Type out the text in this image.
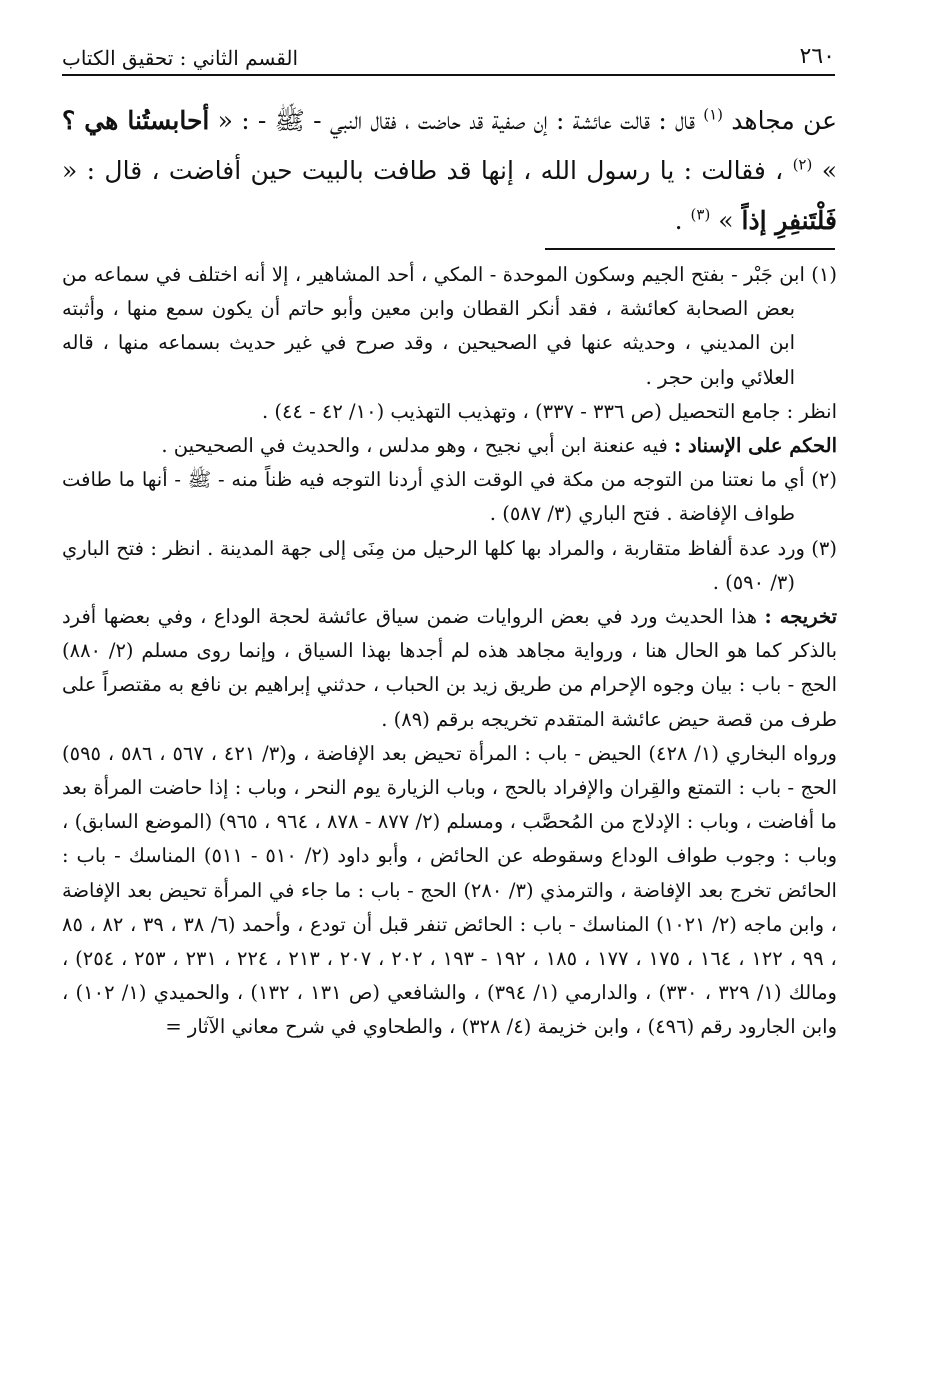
٢٦٠
القسم الثاني : تحقيق الكتاب

عن مجاهد $^{(١)}$ قال : قالت عائشة : إن صفية قد حاضت ، فقال النبي - ﷺ - : « أحابستُنا هي ؟ » $^{(٢)}$ ، فقالت : يا رسول الله ، إنها قد طافت بالبيت حين أفاضت ، قال : « فَلْتَنفِرِ إذاً » $^{(٣)}$ .

(١) ابن جَبْر - بفتح الجيم وسكون الموحدة - المكي ، أحد المشاهير ، إلا أنه اختلف في سماعه من بعض الصحابة كعائشة ، فقد أنكر القطان وابن معين وأبو حاتم أن يكون سمع منها ، وأثبته ابن المديني ، وحديثه عنها في الصحيحين ، وقد صرح في غير حديث بسماعه منها ، قاله العلائي وابن حجر .

انظر : جامع التحصيل (ص ٣٣٦ - ٣٣٧) ، وتهذيب التهذيب (١٠/ ٤٢ - ٤٤) .

الحكم على الإسناد : فيه عنعنة ابن أبي نجيح ، وهو مدلس ، والحديث في الصحيحين .

(٢) أي ما نعتنا من التوجه من مكة في الوقت الذي أردنا التوجه فيه ظناً منه - ﷺ - أنها ما طافت طواف الإفاضة . فتح الباري (٣/ ٥٨٧) .

(٣) ورد عدة ألفاظ متقاربة ، والمراد بها كلها الرحيل من مِنَى إلى جهة المدينة . انظر : فتح الباري (٣/ ٥٩٠) .

تخريجه : هذا الحديث ورد في بعض الروايات ضمن سياق عائشة لحجة الوداع ، وفي بعضها أفرد بالذكر كما هو الحال هنا ، ورواية مجاهد هذه لم أجدها بهذا السياق ، وإنما روى مسلم (٢/ ٨٨٠) الحج - باب : بيان وجوه الإحرام من طريق زيد بن الحباب ، حدثني إبراهيم بن نافع به مقتصراً على طرف من قصة حيض عائشة المتقدم تخريجه برقم (٨٩) .

ورواه البخاري (١/ ٤٢٨) الحيض - باب : المرأة تحيض بعد الإفاضة ، و(٣/ ٤٢١ ، ٥٦٧ ، ٥٨٦ ، ٥٩٥) الحج - باب : التمتع والقِران والإفراد بالحج ، وباب الزيارة يوم النحر ، وباب : إذا حاضت المرأة بعد ما أفاضت ، وباب : الإدلاج من المُحصَّب ، ومسلم (٢/ ٨٧٧ - ٨٧٨ ، ٩٦٤ ، ٩٦٥) (الموضع السابق) ، وباب : وجوب طواف الوداع وسقوطه عن الحائض ، وأبو داود (٢/ ٥١٠ - ٥١١) المناسك - باب : الحائض تخرج بعد الإفاضة ، والترمذي (٣/ ٢٨٠) الحج - باب : ما جاء في المرأة تحيض بعد الإفاضة ، وابن ماجه (٢/ ١٠٢١) المناسك - باب : الحائض تنفر قبل أن تودع ، وأحمد (٦/ ٣٨ ، ٣٩ ، ٨٢ ، ٨٥ ، ٩٩ ، ١٢٢ ، ١٦٤ ، ١٧٥ ، ١٧٧ ، ١٨٥ ، ١٩٢ - ١٩٣ ، ٢٠٢ ، ٢٠٧ ، ٢١٣ ، ٢٢٤ ، ٢٣١ ، ٢٥٣ ، ٢٥٤) ، ومالك (١/ ٣٢٩ ، ٣٣٠) ، والدارمي (١/ ٣٩٤) ، والشافعي (ص ١٣١ ، ١٣٢) ، والحميدي (١/ ١٠٢) ، وابن الجارود رقم (٤٩٦) ، وابن خزيمة (٤/ ٣٢٨) ، والطحاوي في شرح معاني الآثار =
